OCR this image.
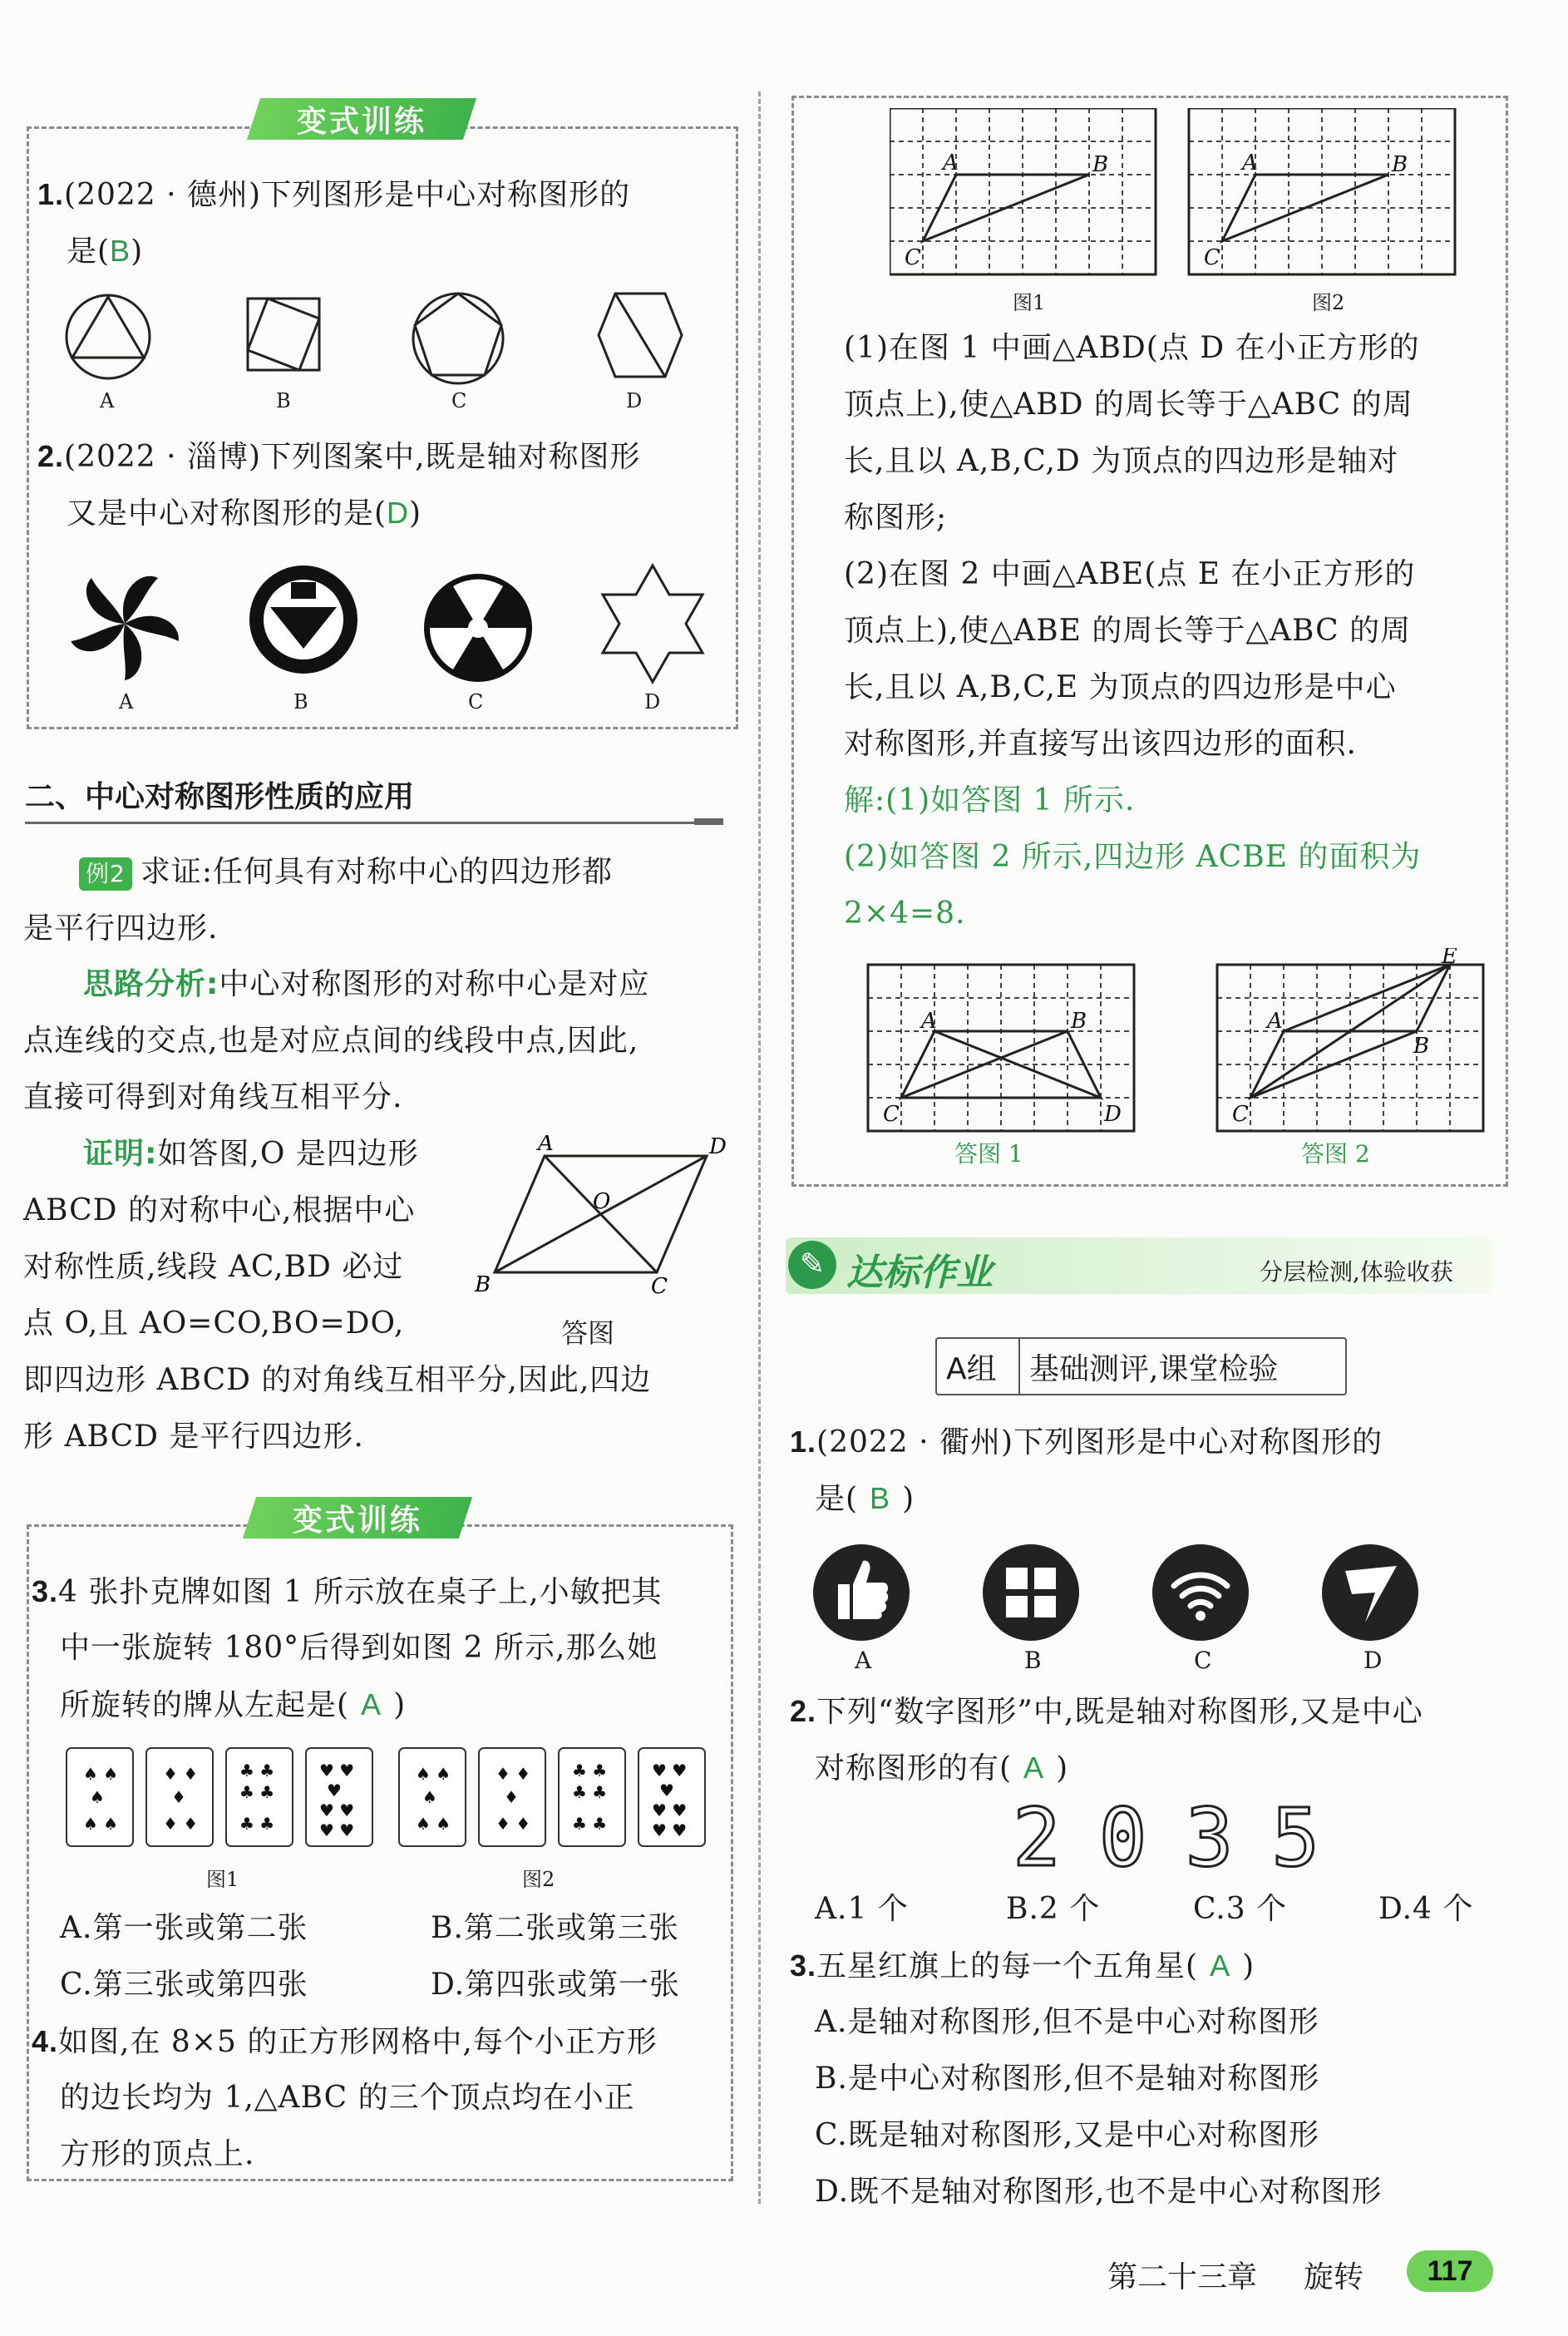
变式训练
1.(2022 · 德州)下列图形是中心对称图形的
是(B)
A	B	C	D
2.(2022 · 淄博)下列图案中,既是轴对称图形
又是中心对称图形的是(D)
A	B	C	D
二、中心对称图形性质的应用
例2 求证:任何具有对称中心的四边形都
是平行四边形.
思路分析:中心对称图形的对称中心是对应
点连线的交点,也是对应点间的线段中点,因此,
直接可得到对角线互相平分.
证明:如答图,O 是四边形
ABCD 的对称中心,根据中心
对称性质,线段 AC,BD 必过
点 O,且 AO=CO,BO=DO,
即四边形 ABCD 的对角线互相平分,因此,四边
形 ABCD 是平行四边形.
A	D
B	C
O
答图
变式训练
3.4 张扑克牌如图 1 所示放在桌子上,小敏把其
中一张旋转 180°后得到如图 2 所示,那么她
所旋转的牌从左起是( A )
♠ ♠
♠
♠ ♠
♦ ♦
♦
♦ ♦
♣ ♣
♣ ♣
♣ ♣
♥ ♥
♥
♥ ♥
♥ ♥
♠ ♠
♠
♠ ♠
♦ ♦
♦
♦ ♦
♣ ♣
♣ ♣
♣ ♣
♥ ♥
♥
♥ ♥
♥ ♥
图1	图2
A.第一张或第二张	B.第二张或第三张
C.第三张或第四张	D.第四张或第一张
4.如图,在 8×5 的正方形网格中,每个小正方形
的边长均为 1,△ABC 的三个顶点均在小正
方形的顶点上.
A	B
C
A	B
C
图1	图2
(1)在图 1 中画△ABD(点 D 在小正方形的
顶点上),使△ABD 的周长等于△ABC 的周
长,且以 A,B,C,D 为顶点的四边形是轴对
称图形;
(2)在图 2 中画△ABE(点 E 在小正方形的
顶点上),使△ABE 的周长等于△ABC 的周
长,且以 A,B,C,E 为顶点的四边形是中心
对称图形,并直接写出该四边形的面积.
解:(1)如答图 1 所示.
(2)如答图 2 所示,四边形 ACBE 的面积为
2×4=8.
A	B
C	D
A
B
C
E
答图 1	答图 2
✎ 达标作业	分层检测,体验收获
A组 基础测评,课堂检验
1.(2022 · 衢州)下列图形是中心对称图形的
是( B )
A	B	C	D
2.下列“数字图形”中,既是轴对称图形,又是中心
对称图形的有( A )
2 0 3 5
A.1 个	B.2 个	C.3 个	D.4 个
3.五星红旗上的每一个五角星( A )
A.是轴对称图形,但不是中心对称图形
B.是中心对称图形,但不是轴对称图形
C.既是轴对称图形,又是中心对称图形
D.既不是轴对称图形,也不是中心对称图形
第二十三章 旋转	117
